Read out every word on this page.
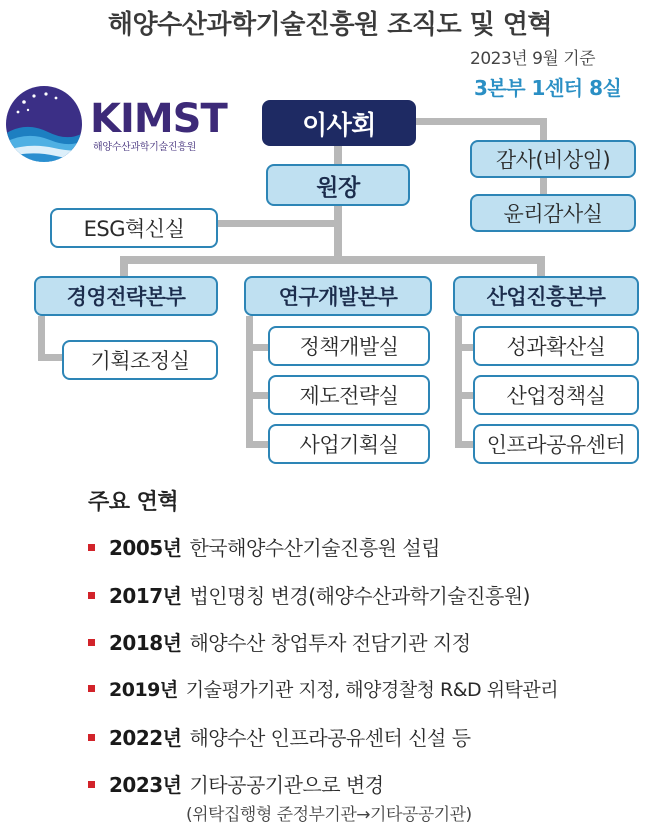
해양수산과학기술진흥원 조직도 및 연혁
2023년 9월 기준
3본부 1센터 8실
KIMST
해양수산과학기술진흥원
이사회
원장
감사(비상임)
윤리감사실
ESG혁신실
경영전략본부	연구개발본부	산업진흥본부
기획조정실
정책개발실
제도전략실
사업기획실
성과확산실
산업정책실
인프라공유센터
주요 연혁
2005년 한국해양수산기술진흥원 설립
2017년 법인명칭 변경(해양수산과학기술진흥원)
2018년 해양수산 창업투자 전담기관 지정
2019년 기술평가기관 지정, 해양경찰청 R&D 위탁관리
2022년 해양수산 인프라공유센터 신설 등
2023년 기타공공기관으로 변경
(위탁집행형 준정부기관→기타공공기관)
